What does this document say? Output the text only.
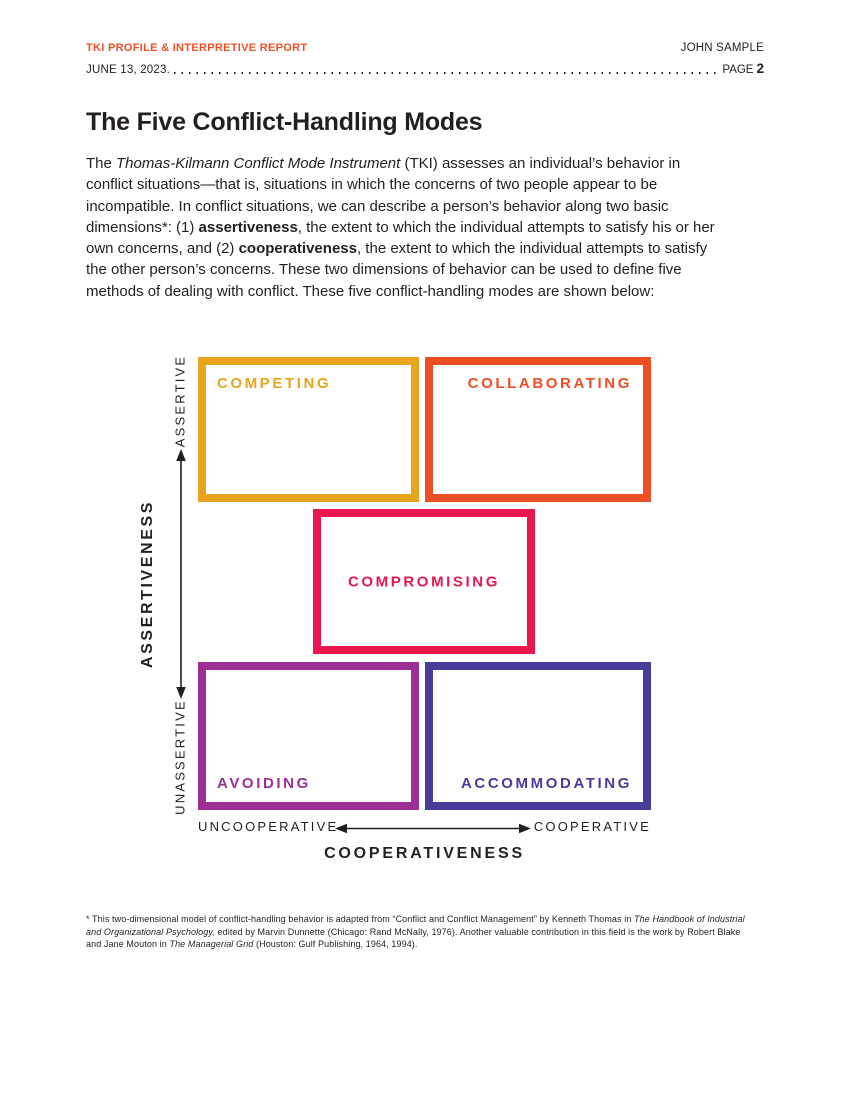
TKI PROFILE & INTERPRETIVE REPORT	JOHN SAMPLE
JUNE 13, 2023.	PAGE 2
The Five Conflict-Handling Modes

The Thomas-Kilmann Conflict Mode Instrument (TKI) assesses an individual’s behavior in conflict situations—that is, situations in which the concerns of two people appear to be incompatible. In conflict situations, we can describe a person’s behavior along two basic dimensions*: (1) assertiveness, the extent to which the individual attempts to satisfy his or her own concerns, and (2) cooperativeness, the extent to which the individual attempts to satisfy the other person’s concerns. These two dimensions of behavior can be used to define five methods of dealing with conflict. These five conflict-handling modes are shown below:

COMPETING	COLLABORATING
COMPROMISING
AVOIDING	ACCOMMODATING
ASSERTIVE
UNASSERTIVE
ASSERTIVENESS
UNCOOPERATIVE	COOPERATIVE
COOPERATIVENESS

* This two-dimensional model of conflict-handling behavior is adapted from “Conflict and Conflict Management” by Kenneth Thomas in The Handbook of Industrial and Organizational Psychology, edited by Marvin Dunnette (Chicago: Rand McNally, 1976). Another valuable contribution in this field is the work by Robert Blake and Jane Mouton in The Managerial Grid (Houston: Gulf Publishing, 1964, 1994).
